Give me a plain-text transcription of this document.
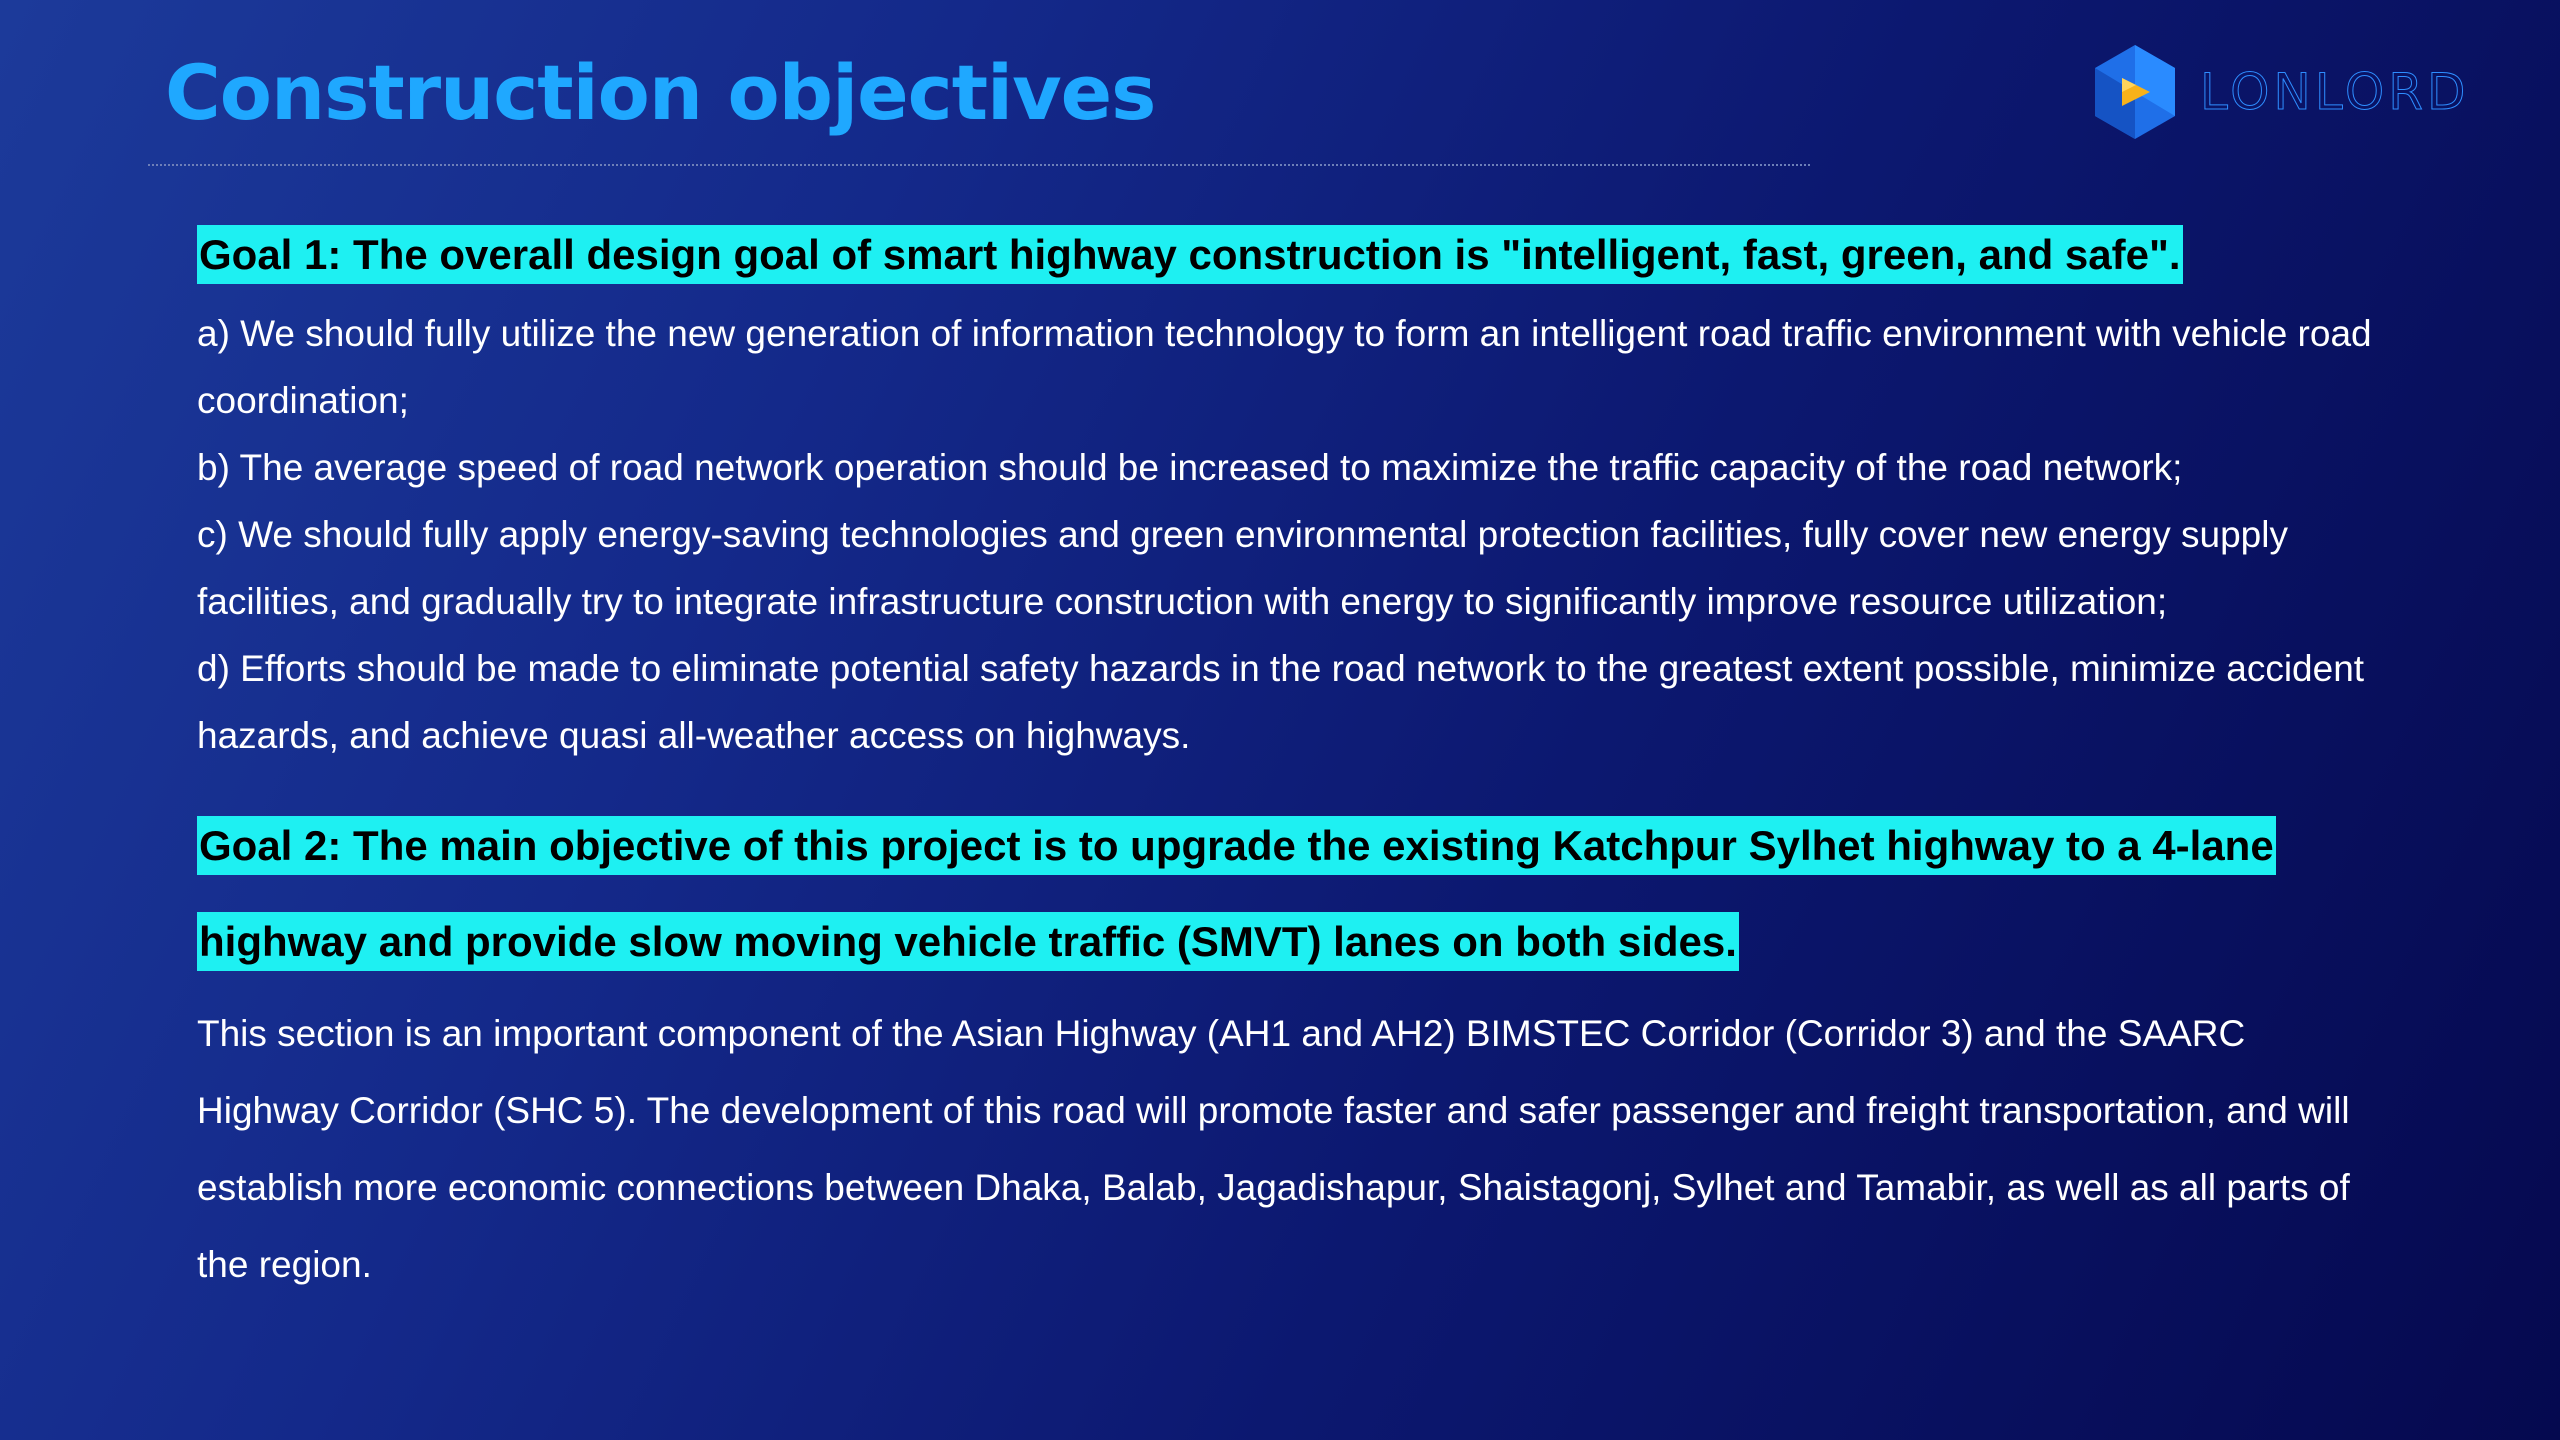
Construction objectives	LONLORD

Goal 1: The overall design goal of smart highway construction is "intelligent, fast, green, and safe".

a) We should fully utilize the new generation of information technology to form an intelligent road traffic environment with vehicle road coordination;
b) The average speed of road network operation should be increased to maximize the traffic capacity of the road network;
c) We should fully apply energy-saving technologies and green environmental protection facilities, fully cover new energy supply facilities, and gradually try to integrate infrastructure construction with energy to significantly improve resource utilization;
d) Efforts should be made to eliminate potential safety hazards in the road network to the greatest extent possible, minimize accident hazards, and achieve quasi all-weather access on highways.

Goal 2: The main objective of this project is to upgrade the existing Katchpur Sylhet highway to a 4-lane highway and provide slow moving vehicle traffic (SMVT) lanes on both sides.

This section is an important component of the Asian Highway (AH1 and AH2) BIMSTEC Corridor (Corridor 3) and the SAARC Highway Corridor (SHC 5). The development of this road will promote faster and safer passenger and freight transportation, and will establish more economic connections between Dhaka, Balab, Jagadishapur, Shaistagonj, Sylhet and Tamabir, as well as all parts of the region.
